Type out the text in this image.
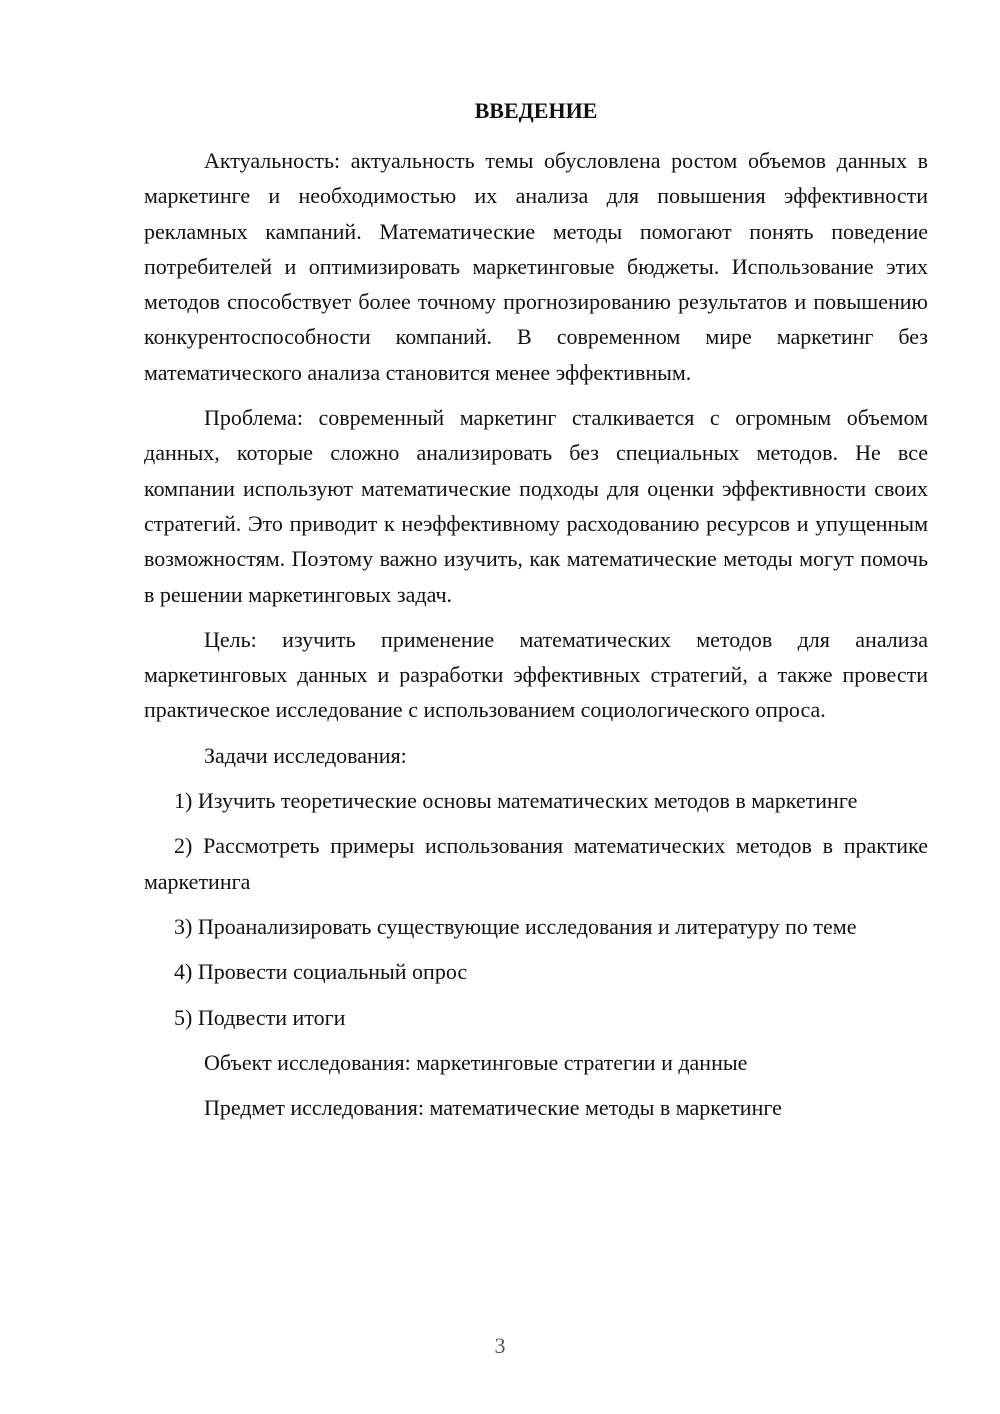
ВВЕДЕНИЕ

Актуальность: актуальность темы обусловлена ростом объемов данных в маркетинге и необходимостью их анализа для повышения эффективности рекламных кампаний. Математические методы помогают понять поведение потребителей и оптимизировать маркетинговые бюджеты. Использование этих методов способствует более точному прогнозированию результатов и повышению конкурентоспособности компаний. В современном мире маркетинг без математического анализа становится менее эффективным.

Проблема: современный маркетинг сталкивается с огромным объемом данных, которые сложно анализировать без специальных методов. Не все компании используют математические подходы для оценки эффективности своих стратегий. Это приводит к неэффективному расходованию ресурсов и упущенным возможностям. Поэтому важно изучить, как математические методы могут помочь в решении маркетинговых задач.

Цель: изучить применение математических методов для анализа маркетинговых данных и разработки эффективных стратегий, а также провести практическое исследование с использованием социологического опроса.

Задачи исследования:

1) Изучить теоретические основы математических методов в маркетинге

2) Рассмотреть примеры использования математических методов в практике маркетинга

3) Проанализировать существующие исследования и литературу по теме

4) Провести социальный опрос

5) Подвести итоги

Объект исследования: маркетинговые стратегии и данные

Предмет исследования: математические методы в маркетинге

3
